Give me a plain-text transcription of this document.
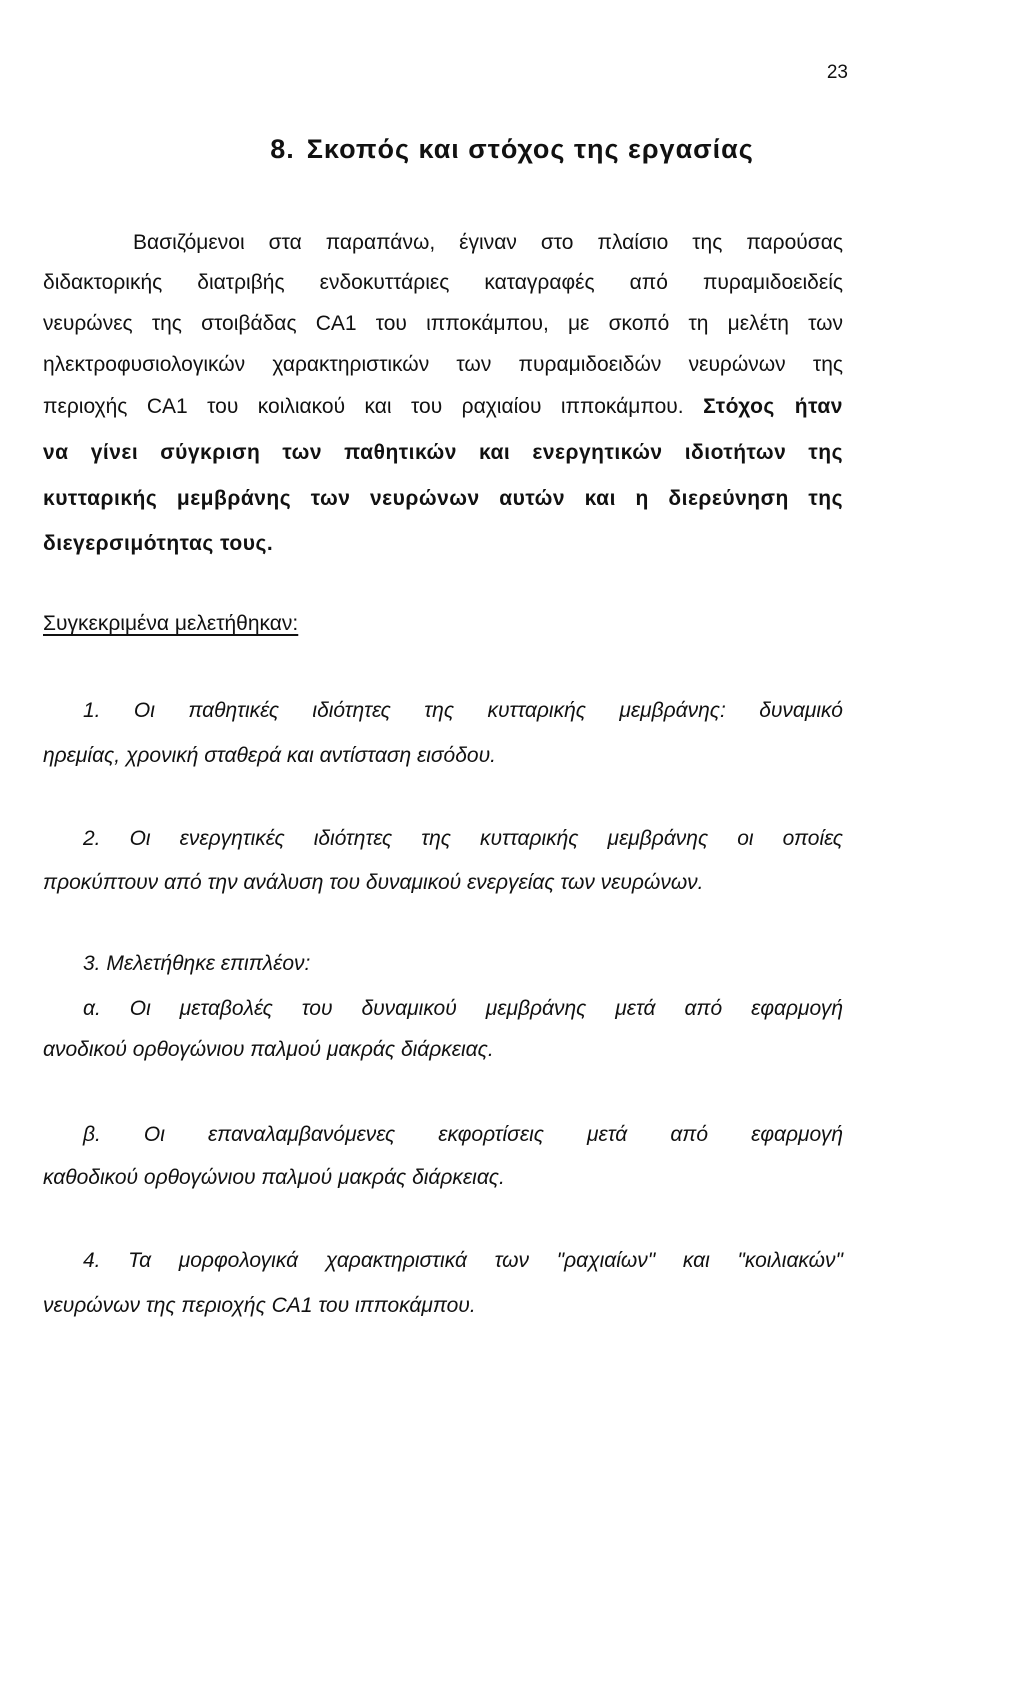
23
8. Σκοπός και στόχος της εργασίας
Βασιζόμενοι στα παραπάνω, έγιναν στο πλαίσιο της παρούσας
διδακτορικής διατριβής ενδοκυττάριες καταγραφές από πυραμιδοειδείς
νευρώνες της στοιβάδας CA1 του ιπποκάμπου, με σκοπό τη μελέτη των
ηλεκτροφυσιολογικών χαρακτηριστικών των πυραμιδοειδών νευρώνων της
περιοχής CA1 του κοιλιακού και του ραχιαίου ιπποκάμπου. Στόχος ήταν
να γίνει σύγκριση των παθητικών και ενεργητικών ιδιοτήτων της
κυτταρικής μεμβράνης των νευρώνων αυτών και η διερεύνηση της
διεγερσιμότητας τους.
Συγκεκριμένα μελετήθηκαν:
1. Οι παθητικές ιδιότητες της κυτταρικής μεμβράνης: δυναμικό
ηρεμίας, χρονική σταθερά και αντίσταση εισόδου.
2. Οι ενεργητικές ιδιότητες της κυτταρικής μεμβράνης οι οποίες
προκύπτουν από την ανάλυση του δυναμικού ενεργείας των νευρώνων.
3. Μελετήθηκε επιπλέον:
α. Οι μεταβολές του δυναμικού μεμβράνης μετά από εφαρμογή
ανοδικού ορθογώνιου παλμού μακράς διάρκειας.
β. Οι επαναλαμβανόμενες εκφορτίσεις μετά από εφαρμογή
καθοδικού ορθογώνιου παλμού μακράς διάρκειας.
4. Τα μορφολογικά χαρακτηριστικά των "ραχιαίων" και "κοιλιακών"
νευρώνων της περιοχής CA1 του ιπποκάμπου.
